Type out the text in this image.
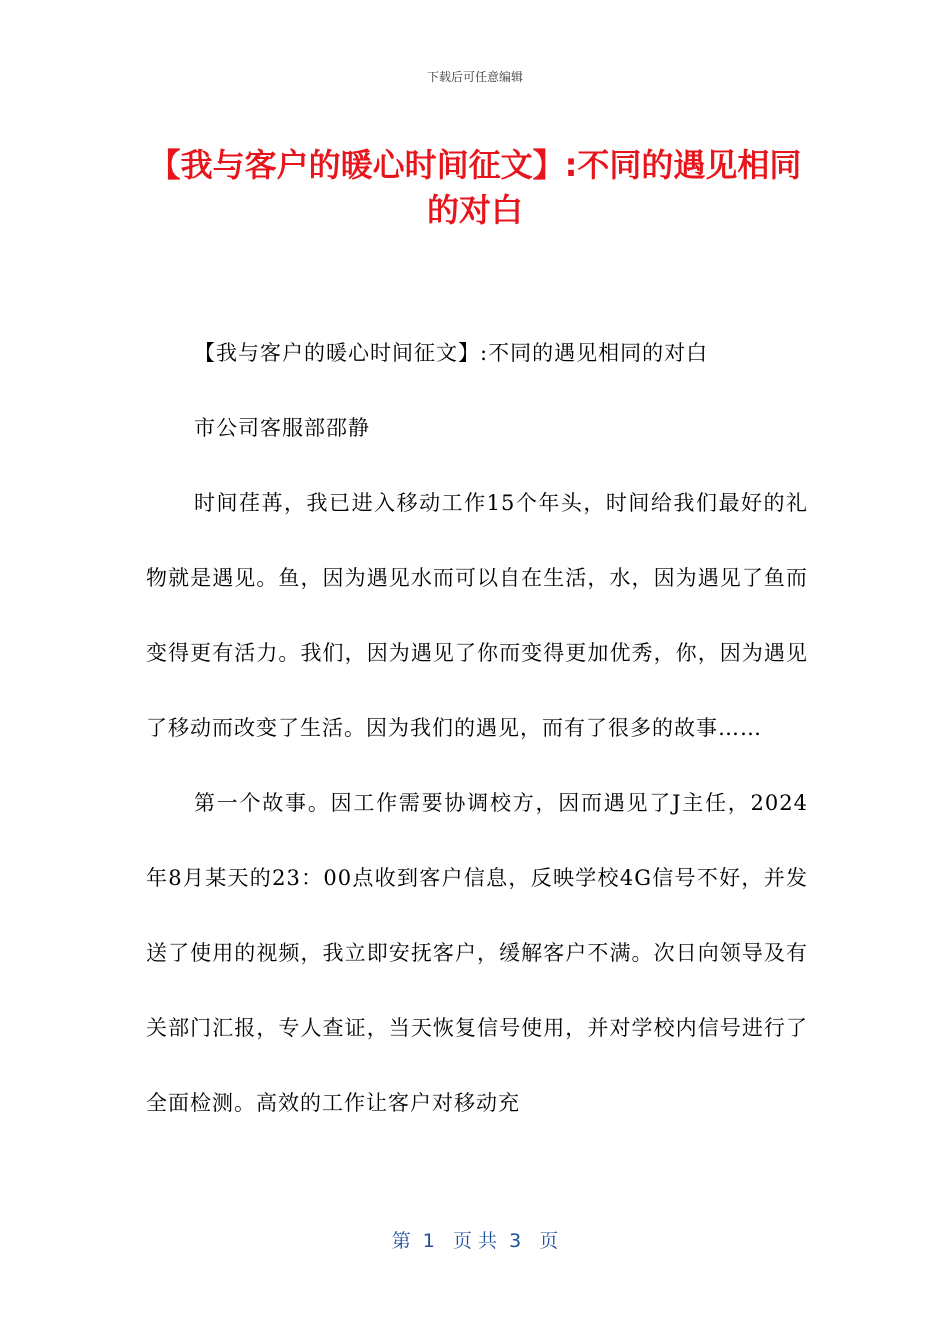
下载后可任意编辑
【我与客户的暖心时间征文】:不同的遇见相同的对白

【我与客户的暖心时间征文】:不同的遇见相同的对白

市公司客服部邵静

时间荏苒，我已进入移动工作15个年头，时间给我们最好的礼物就是遇见。鱼，因为遇见水而可以自在生活，水，因为遇见了鱼而变得更有活力。我们，因为遇见了你而变得更加优秀，你，因为遇见了移动而改变了生活。因为我们的遇见，而有了很多的故事……

第一个故事。因工作需要协调校方，因而遇见了J主任，2024年8月某天的23：00点收到客户信息，反映学校4G信号不好，并发送了使用的视频，我立即安抚客户，缓解客户不满。次日向领导及有关部门汇报，专人查证，当天恢复信号使用，并对学校内信号进行了全面检测。高效的工作让客户对移动充

第  1   页 共  3   页
